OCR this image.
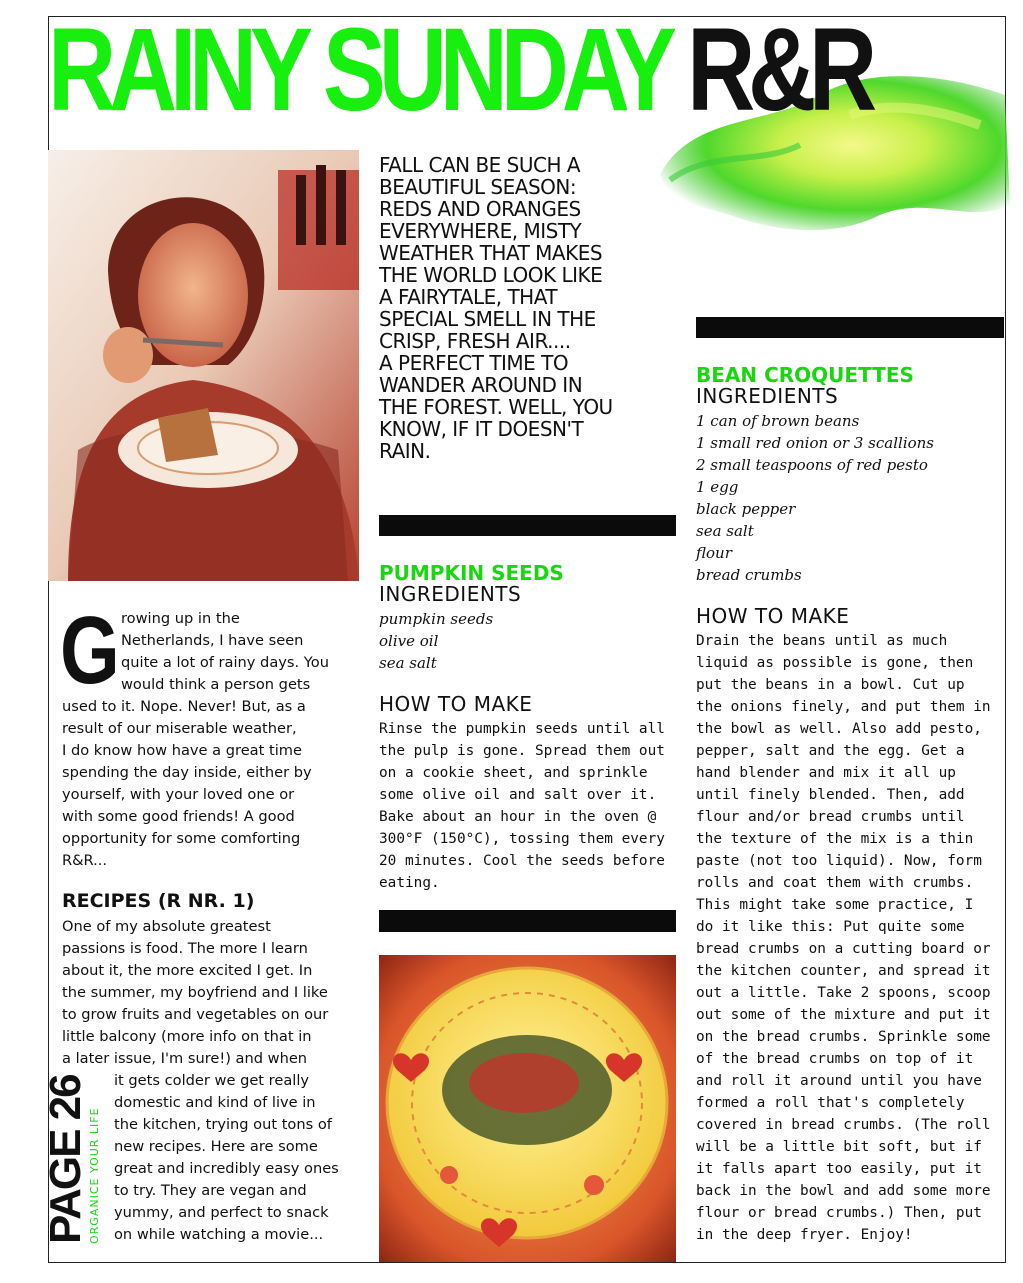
RAINY SUNDAY R&R
FALL CAN BE SUCH A
BEAUTIFUL SEASON:
REDS AND ORANGES
EVERYWHERE, MISTY
WEATHER THAT MAKES
THE WORLD LOOK LIKE
A FAIRYTALE, THAT
SPECIAL SMELL IN THE
CRISP, FRESH AIR....
A PERFECT TIME TO
WANDER AROUND IN
THE FOREST. WELL, YOU
KNOW, IF IT DOESN'T
RAIN.
PUMPKIN SEEDS
INGREDIENTS
pumpkin seeds
olive oil
sea salt
HOW TO MAKE
Rinse the pumpkin seeds until all
the pulp is gone. Spread them out
on a cookie sheet, and sprinkle
some olive oil and salt over it.
Bake about an hour in the oven @
300°F (150°C), tossing them every
20 minutes. Cool the seeds before
eating.
BEAN CROQUETTES
INGREDIENTS
1 can of brown beans
1 small red onion or 3 scallions
2 small teaspoons of red pesto
1 egg
black pepper
sea salt
flour
bread crumbs
HOW TO MAKE
Drain the beans until as much
liquid as possible is gone, then
put the beans in a bowl. Cut up
the onions finely, and put them in
the bowl as well. Also add pesto,
pepper, salt and the egg. Get a
hand blender and mix it all up
until finely blended. Then, add
flour and/or bread crumbs until
the texture of the mix is a thin
paste (not too liquid). Now, form
rolls and coat them with crumbs.
This might take some practice, I
do it like this: Put quite some
bread crumbs on a cutting board or
the kitchen counter, and spread it
out a little. Take 2 spoons, scoop
out some of the mixture and put it
on the bread crumbs. Sprinkle some
of the bread crumbs on top of it
and roll it around until you have
formed a roll that's completely
covered in bread crumbs. (The roll
will be a little bit soft, but if
it falls apart too easily, put it
back in the bowl and add some more
flour or bread crumbs.) Then, put
in the deep fryer. Enjoy!
G rowing up in the
Netherlands, I have seen
quite a lot of rainy days. You
would think a person gets
used to it. Nope. Never! But, as a
result of our miserable weather,
I do know how have a great time
spending the day inside, either by
yourself, with your loved one or
with some good friends! A good
opportunity for some comforting
R&R...
RECIPES (R NR. 1)
One of my absolute greatest
passions is food. The more I learn
about it, the more excited I get. In
the summer, my boyfriend and I like
to grow fruits and vegetables on our
little balcony (more info on that in
a later issue, I'm sure!) and when
it gets colder we get really
domestic and kind of live in
the kitchen, trying out tons of
new recipes. Here are some
great and incredibly easy ones
to try. They are vegan and
yummy, and perfect to snack
on while watching a movie...
PAGE 26
ORGANICE YOUR LIFE
